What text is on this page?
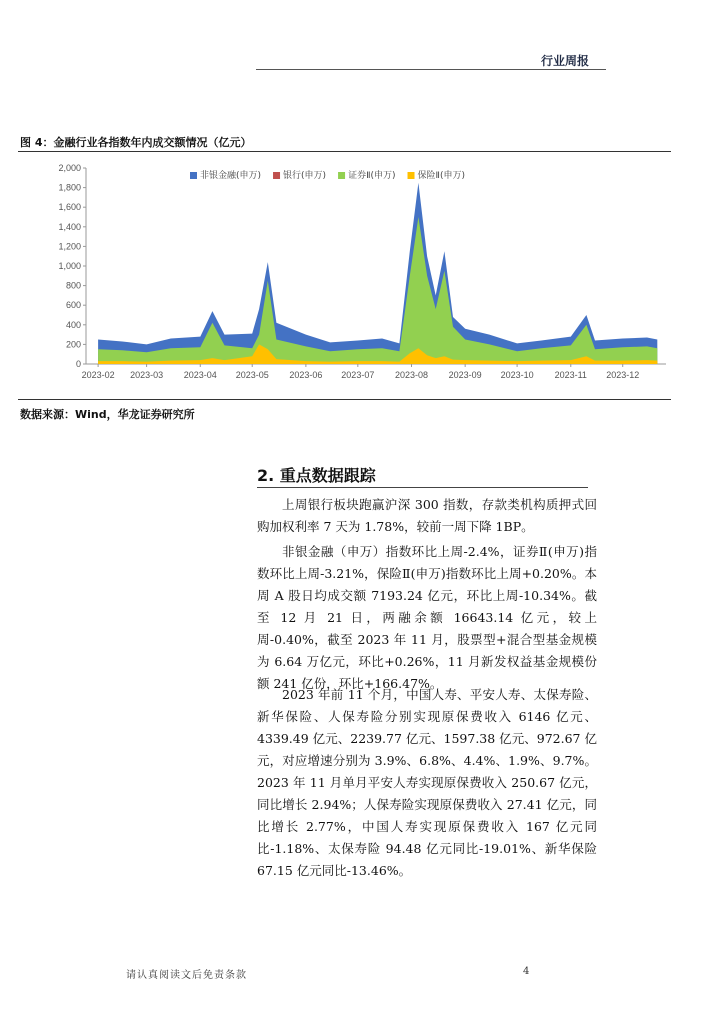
行业周报
图 4：金融行业各指数年内成交额情况（亿元）
0
200
400
600
800
1,000
1,200
1,400
1,600
1,800
2,000
2023-02 2023-03 2023-04 2023-05 2023-06 2023-07 2023-08 2023-09 2023-10 2023-11 2023-12
非银金融(申万) 银行(申万) 证券Ⅱ(申万) 保险Ⅱ(申万)
数据来源：Wind，华龙证券研究所
2. 重点数据跟踪

上周银行板块跑赢沪深 300 指数，存款类机构质押式回购加权利率 7 天为 1.78%，较前一周下降 1BP。

非银金融（申万）指数环比上周-2.4%，证券Ⅱ(申万)指数环比上周-3.21%，保险Ⅱ(申万)指数环比上周+0.20%。本周 A 股日均成交额 7193.24 亿元，环比上周-10.34%。截至 12 月 21 日，两融余额 16643.14 亿元，较上周-0.40%，截至 2023 年 11 月，股票型+混合型基金规模为 6.64 万亿元，环比+0.26%，11 月新发权益基金规模份额 241 亿份，环比+166.47%。

2023 年前 11 个月，中国人寿、平安人寿、太保寿险、新华保险、人保寿险分别实现原保费收入 6146 亿元、4339.49 亿元、2239.77 亿元、1597.38 亿元、972.67 亿元，对应增速分别为 3.9%、6.8%、4.4%、1.9%、9.7%。2023 年 11 月单月平安人寿实现原保费收入 250.67 亿元，同比增长 2.94%；人保寿险实现原保费收入 27.41 亿元，同比增长 2.77%，中国人寿实现原保费收入 167 亿元同比-1.18%、太保寿险 94.48 亿元同比-19.01%、新华保险 67.15 亿元同比-13.46%。

请认真阅读文后免责条款	4
